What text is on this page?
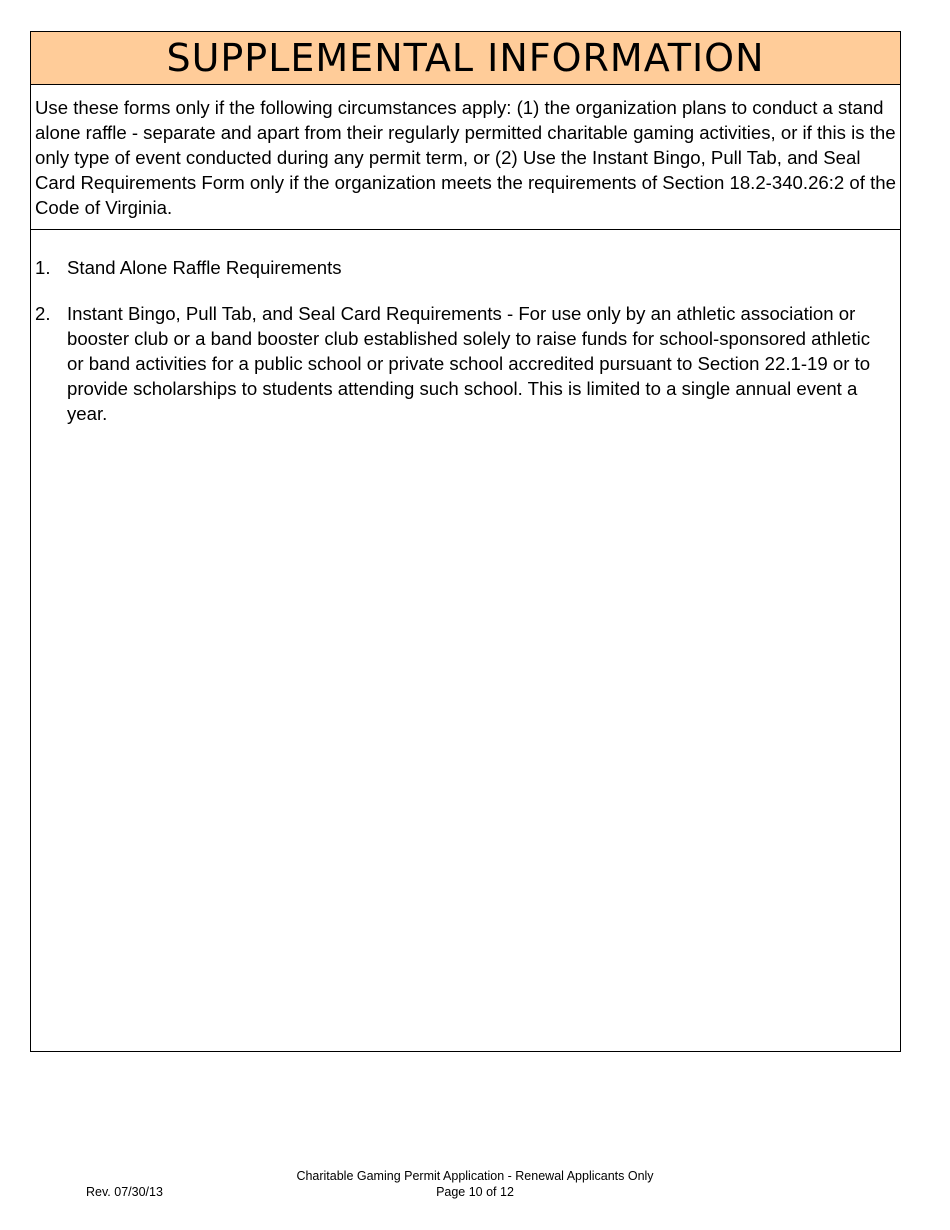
SUPPLEMENTAL INFORMATION

Use these forms only if the following circumstances apply: (1) the organization plans to conduct a stand alone raffle - separate and apart from their regularly permitted charitable gaming activities, or if this is the only type of event conducted during any permit term, or (2) Use the Instant Bingo, Pull Tab, and Seal Card Requirements Form only if the organization meets the requirements of Section 18.2-340.26:2 of the Code of Virginia.

1. Stand Alone Raffle Requirements
2. Instant Bingo, Pull Tab, and Seal Card Requirements - For use only by an athletic association or booster club or a band booster club established solely to raise funds for school-sponsored athletic or band activities for a public school or private school accredited pursuant to Section 22.1-19 or to provide scholarships to students attending such school. This is limited to a single annual event a year.
Charitable Gaming Permit Application - Renewal Applicants Only
Rev. 07/30/13	Page 10 of 12
